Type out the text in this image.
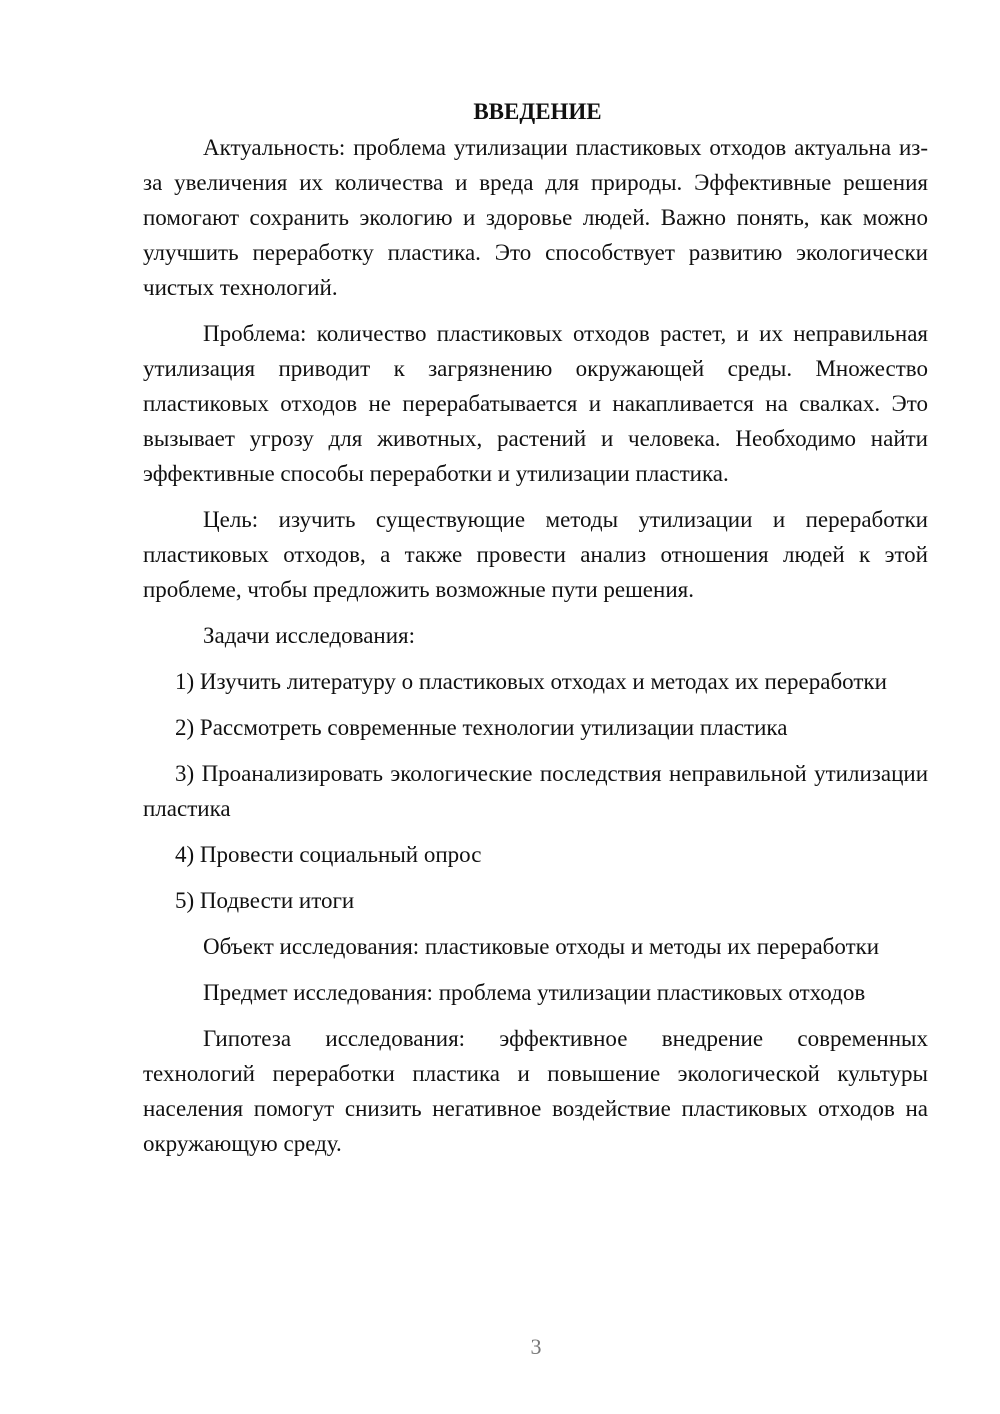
ВВЕДЕНИЕ

Актуальность: проблема утилизации пластиковых отходов актуальна из-за увеличения их количества и вреда для природы. Эффективные решения помогают сохранить экологию и здоровье людей. Важно понять, как можно улучшить переработку пластика. Это способствует развитию экологически чистых технологий.

Проблема: количество пластиковых отходов растет, и их неправильная утилизация приводит к загрязнению окружающей среды. Множество пластиковых отходов не перерабатывается и накапливается на свалках. Это вызывает угрозу для животных, растений и человека. Необходимо найти эффективные способы переработки и утилизации пластика.

Цель: изучить существующие методы утилизации и переработки пластиковых отходов, а также провести анализ отношения людей к этой проблеме, чтобы предложить возможные пути решения.

Задачи исследования:

1) Изучить литературу о пластиковых отходах и методах их переработки

2) Рассмотреть современные технологии утилизации пластика

3) Проанализировать экологические последствия неправильной утилизации пластика

4) Провести социальный опрос

5) Подвести итоги

Объект исследования: пластиковые отходы и методы их переработки

Предмет исследования: проблема утилизации пластиковых отходов

Гипотеза исследования: эффективное внедрение современных технологий переработки пластика и повышение экологической культуры населения помогут снизить негативное воздействие пластиковых отходов на окружающую среду.

3
